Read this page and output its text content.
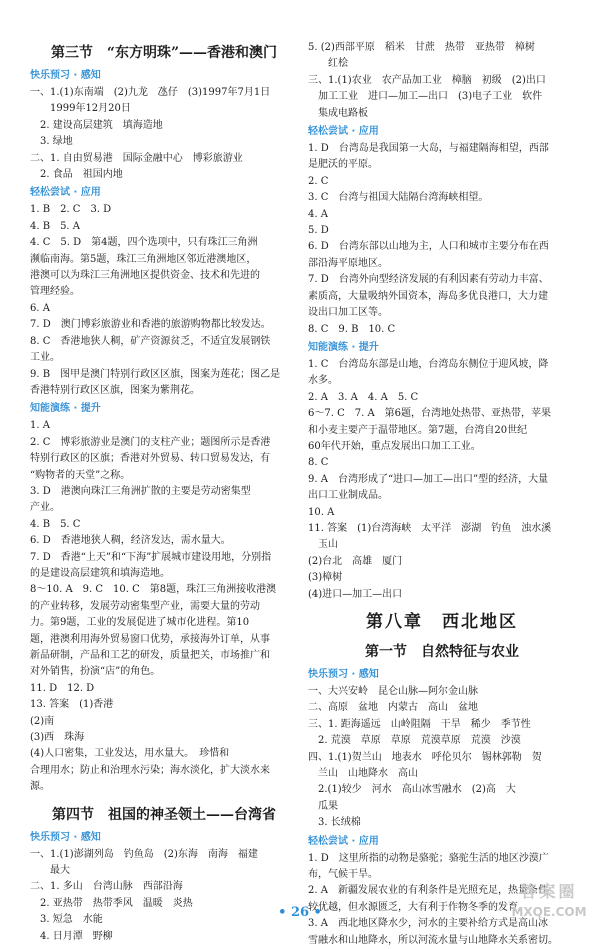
第三节　“东方明珠”——香港和澳门
快乐预习 · 感知
一、1.(1)东南端　(2)九龙　氹仔　(3)1997年7月1日
　　1999年12月20日
　2. 建设高层建筑　填海造地
　3. 绿地
二、1. 自由贸易港　国际金融中心　博彩旅游业
　2. 食品　祖国内地
轻松尝试 · 应用
1. B　2. C　3. D
4. B　5. A
4. C　5. D　第4题，四个选项中，只有珠江三角洲
濒临南海。第5题，珠江三角洲地区邻近港澳地区，
港澳可以为珠江三角洲地区提供资金、技术和先进的
管理经验。
6. A
7. D　澳门博彩旅游业和香港的旅游购物都比较发达。
8. C　香港地狭人稠，矿产资源贫乏，不适宜发展钢铁
工业。
9. B　图甲是澳门特别行政区区旗，图案为莲花；图乙是
香港特别行政区区旗，图案为紫荆花。
知能演练 · 提升
1. A
2. C　博彩旅游业是澳门的支柱产业；题图所示是香港
特别行政区的区旗；香港对外贸易、转口贸易发达，有
“购物者的天堂”之称。
3. D　港澳向珠江三角洲扩散的主要是劳动密集型
产业。
4. B　5. C
6. D　香港地狭人稠，经济发达，需水量大。
7. D　香港“上天”和“下海”扩展城市建设用地，分别指
的是建设高层建筑和填海造地。
8～10. A　9. C　10. C　第8题，珠江三角洲接收港澳
的产业转移，发展劳动密集型产业，需要大量的劳动
力。第9题，工业的发展促进了城市化进程。第10
题，港澳利用海外贸易窗口优势，承接海外订单，从事
新品研制，产品和工艺的研发，质量把关，市场推广和
对外销售，扮演“店”的角色。
11. D　12. D
13. 答案　(1)香港
(2)南
(3)西　珠海
(4)人口密集，工业发达，用水量大。　珍惜和
合理用水；防止和治理水污染；海水淡化，扩大淡水来
源。
第四节　祖国的神圣领土——台湾省
快乐预习 · 感知
一、1.(1)澎湖列岛　钓鱼岛　(2)东海　南海　福建
　　最大
二、1. 多山　台湾山脉　西部沿海
　2. 亚热带　热带季风　温暖　炎热
　3. 短急　水能
　4. 日月潭　野柳
5. (2)西部平原　稻米　甘蔗　热带　亚热带　樟树
　　红桧
三、1.(1)农业　农产品加工业　樟脑　初级　(2)出口
　加工工业　进口—加工—出口　(3)电子工业　软件
　集成电路板
轻松尝试 · 应用
1. D　台湾岛是我国第一大岛，与福建隔海相望，西部
是肥沃的平原。
2. C
3. C　台湾与祖国大陆隔台湾海峡相望。
4. A
5. D
6. D　台湾东部以山地为主，人口和城市主要分布在西
部沿海平原地区。
7. D　台湾外向型经济发展的有利因素有劳动力丰富、
素质高，大量吸纳外国资本，海岛多优良港口，大力建
设出口加工区等。
8. C　9. B　10. C
知能演练 · 提升
1. C　台湾岛东部是山地，台湾岛东侧位于迎风坡，降
水多。
2. A　3. A　4. A　5. C
6～7. C　7. A　第6题，台湾地处热带、亚热带，苹果
和小麦主要产于温带地区。第7题，台湾自20世纪
60年代开始，重点发展出口加工工业。
8. C
9. A　台湾形成了“进口—加工—出口”型的经济，大量
出口工业制成品。
10. A
11. 答案　(1)台湾海峡　太平洋　澎湖　钓鱼　浊水溪
　玉山
(2)台北　高雄　厦门
(3)樟树
(4)进口—加工—出口
第八章　西北地区
第一节　自然特征与农业
快乐预习 · 感知
一、大兴安岭　昆仑山脉—阿尔金山脉
二、高原　盆地　内蒙古　高山　盆地
三、1. 距海遥远　山岭阻隔　干旱　稀少　季节性
　2. 荒漠　草原　草原　荒漠草原　荒漠　沙漠
四、1.(1)贺兰山　地表水　呼伦贝尔　锡林郭勒　贺
　兰山　山地降水　高山
　2.(1)较少　河水　高山冰雪融水　(2)高　大
　瓜果
　3. 长绒棉
轻松尝试 · 应用
1. D　这里所指的动物是骆驼；骆驼生活的地区沙漠广
布，气候干旱。
2. A　新疆发展农业的有利条件是光照充足，热量条件
较优越，但水源匮乏，大有利于作物冬季的发育。
3. A　西北地区降水少，河水的主要补给方式是高山冰
雪融水和山地降水，所以河流水量与山地降水关系密切。
• 26 •
答案圈
MXQE.COM
